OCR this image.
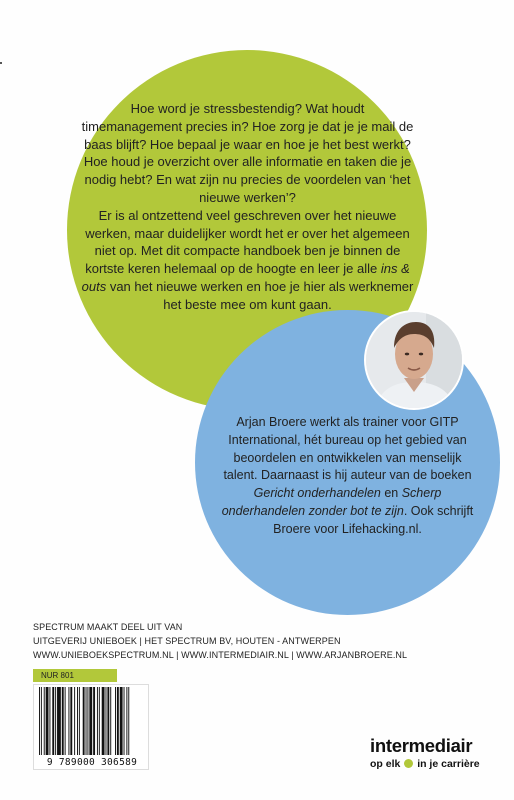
Hoe word je stressbestendig? Wat houdt timemanagement precies in? Hoe zorg je dat je je mail de baas blijft? Hoe bepaal je waar en hoe je het best werkt? Hoe houd je overzicht over alle informatie en taken die je nodig hebt? En wat zijn nu precies de voordelen van ‘het nieuwe werken’?

Er is al ontzettend veel geschreven over het nieuwe werken, maar duidelijker wordt het er over het algemeen niet op. Met dit compacte handboek ben je binnen de kortste keren helemaal op de hoogte en leer je alle ins & outs van het nieuwe werken en hoe je hier als werknemer het beste mee om kunt gaan.

Arjan Broere werkt als trainer voor GITP International, hét bureau op het gebied van beoordelen en ontwikkelen van menselijk talent. Daarnaast is hij auteur van de boeken Gericht onderhandelen en Scherp onderhandelen zonder bot te zijn. Ook schrijft Broere voor Lifehacking.nl.

SPECTRUM MAAKT DEEL UIT VAN
UITGEVERIJ UNIEBOEK | HET SPECTRUM BV, HOUTEN - ANTWERPEN
WWW.UNIEBOEKSPECTRUM.NL | WWW.INTERMEDIAIR.NL | WWW.ARJANBROERE.NL
NUR 801
9 789000 306589
intermediair
op elk in je carrière
